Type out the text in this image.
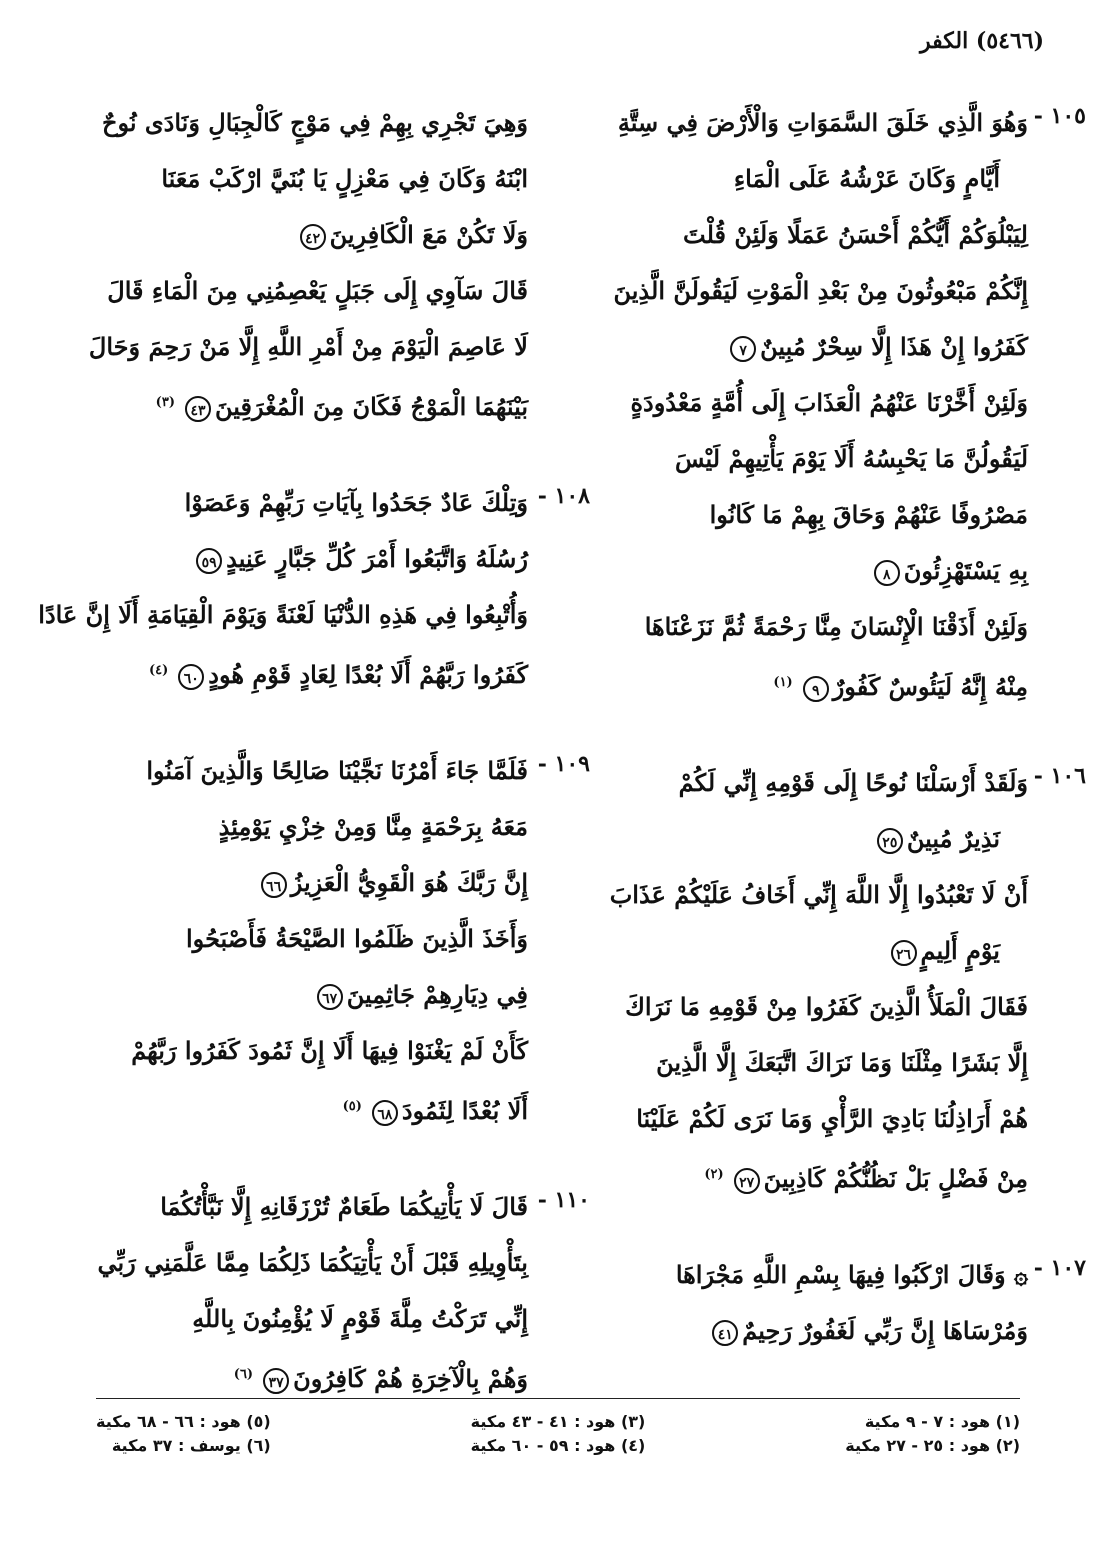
(٥٤٦٦) الكفر
١٠٥ -
وَهُوَ الَّذِي خَلَقَ السَّمَوَاتِ وَالْأَرْضَ فِي سِتَّةِ
أَيَّامٍ وَكَانَ عَرْشُهُ عَلَى الْمَاءِ
لِيَبْلُوَكُمْ أَيُّكُمْ أَحْسَنُ عَمَلًا وَلَئِنْ قُلْتَ
إِنَّكُمْ مَبْعُوثُونَ مِنْ بَعْدِ الْمَوْتِ لَيَقُولَنَّ الَّذِينَ
كَفَرُوا إِنْ هَذَا إِلَّا سِحْرٌ مُبِينٌ٧
وَلَئِنْ أَخَّرْنَا عَنْهُمُ الْعَذَابَ إِلَى أُمَّةٍ مَعْدُودَةٍ
لَيَقُولُنَّ مَا يَحْبِسُهُ أَلَا يَوْمَ يَأْتِيهِمْ لَيْسَ
مَصْرُوفًا عَنْهُمْ وَحَاقَ بِهِمْ مَا كَانُوا
بِهِ يَسْتَهْزِئُونَ٨
وَلَئِنْ أَذَقْنَا الْإِنْسَانَ مِنَّا رَحْمَةً ثُمَّ نَزَعْنَاهَا
مِنْهُ إِنَّهُ لَيَئُوسٌ كَفُورٌ٩$^{(١)}$
١٠٦ -
وَلَقَدْ أَرْسَلْنَا نُوحًا إِلَى قَوْمِهِ إِنِّي لَكُمْ
نَذِيرٌ مُبِينٌ٢٥
أَنْ لَا تَعْبُدُوا إِلَّا اللَّهَ إِنِّي أَخَافُ عَلَيْكُمْ عَذَابَ
يَوْمٍ أَلِيمٍ٢٦
فَقَالَ الْمَلَأُ الَّذِينَ كَفَرُوا مِنْ قَوْمِهِ مَا نَرَاكَ
إِلَّا بَشَرًا مِثْلَنَا وَمَا نَرَاكَ اتَّبَعَكَ إِلَّا الَّذِينَ
هُمْ أَرَاذِلُنَا بَادِيَ الرَّأْيِ وَمَا نَرَى لَكُمْ عَلَيْنَا
مِنْ فَضْلٍ بَلْ نَظُنُّكُمْ كَاذِبِينَ٢٧$^{(٢)}$
١٠٧ -
۞ وَقَالَ ارْكَبُوا فِيهَا بِسْمِ اللَّهِ مَجْرَاهَا
وَمُرْسَاهَا إِنَّ رَبِّي لَغَفُورٌ رَحِيمٌ٤١
وَهِيَ تَجْرِي بِهِمْ فِي مَوْجٍ كَالْجِبَالِ وَنَادَى نُوحٌ
ابْنَهُ وَكَانَ فِي مَعْزِلٍ يَا بُنَيَّ ارْكَبْ مَعَنَا
وَلَا تَكُنْ مَعَ الْكَافِرِينَ٤٢
قَالَ سَآوِي إِلَى جَبَلٍ يَعْصِمُنِي مِنَ الْمَاءِ قَالَ
لَا عَاصِمَ الْيَوْمَ مِنْ أَمْرِ اللَّهِ إِلَّا مَنْ رَحِمَ وَحَالَ
بَيْنَهُمَا الْمَوْجُ فَكَانَ مِنَ الْمُغْرَقِينَ٤٣$^{(٣)}$
١٠٨ -
وَتِلْكَ عَادٌ جَحَدُوا بِآيَاتِ رَبِّهِمْ وَعَصَوْا
رُسُلَهُ وَاتَّبَعُوا أَمْرَ كُلِّ جَبَّارٍ عَنِيدٍ٥٩
وَأُتْبِعُوا فِي هَذِهِ الدُّنْيَا لَعْنَةً وَيَوْمَ الْقِيَامَةِ أَلَا إِنَّ عَادًا
كَفَرُوا رَبَّهُمْ أَلَا بُعْدًا لِعَادٍ قَوْمِ هُودٍ٦٠$^{(٤)}$
١٠٩ -
فَلَمَّا جَاءَ أَمْرُنَا نَجَّيْنَا صَالِحًا وَالَّذِينَ آمَنُوا
مَعَهُ بِرَحْمَةٍ مِنَّا وَمِنْ خِزْيِ يَوْمِئِذٍ
إِنَّ رَبَّكَ هُوَ الْقَوِيُّ الْعَزِيزُ٦٦
وَأَخَذَ الَّذِينَ ظَلَمُوا الصَّيْحَةُ فَأَصْبَحُوا
فِي دِيَارِهِمْ جَاثِمِينَ٦٧
كَأَنْ لَمْ يَغْنَوْا فِيهَا أَلَا إِنَّ ثَمُودَ كَفَرُوا رَبَّهُمْ
أَلَا بُعْدًا لِثَمُودَ٦٨$^{(٥)}$
١١٠ -
قَالَ لَا يَأْتِيكُمَا طَعَامٌ تُرْزَقَانِهِ إِلَّا نَبَّأْتُكُمَا
بِتَأْوِيلِهِ قَبْلَ أَنْ يَأْتِيَكُمَا ذَلِكُمَا مِمَّا عَلَّمَنِي رَبِّي
إِنِّي تَرَكْتُ مِلَّةَ قَوْمٍ لَا يُؤْمِنُونَ بِاللَّهِ
وَهُمْ بِالْآخِرَةِ هُمْ كَافِرُونَ٣٧$^{(٦)}$
(١) هود : ٧ - ٩ مكية
(٢) هود : ٢٥ - ٢٧ مكية
(٣) هود : ٤١ - ٤٣ مكية
(٤) هود : ٥٩ - ٦٠ مكية
(٥) هود : ٦٦ - ٦٨ مكية
(٦) يوسف : ٣٧ مكية
